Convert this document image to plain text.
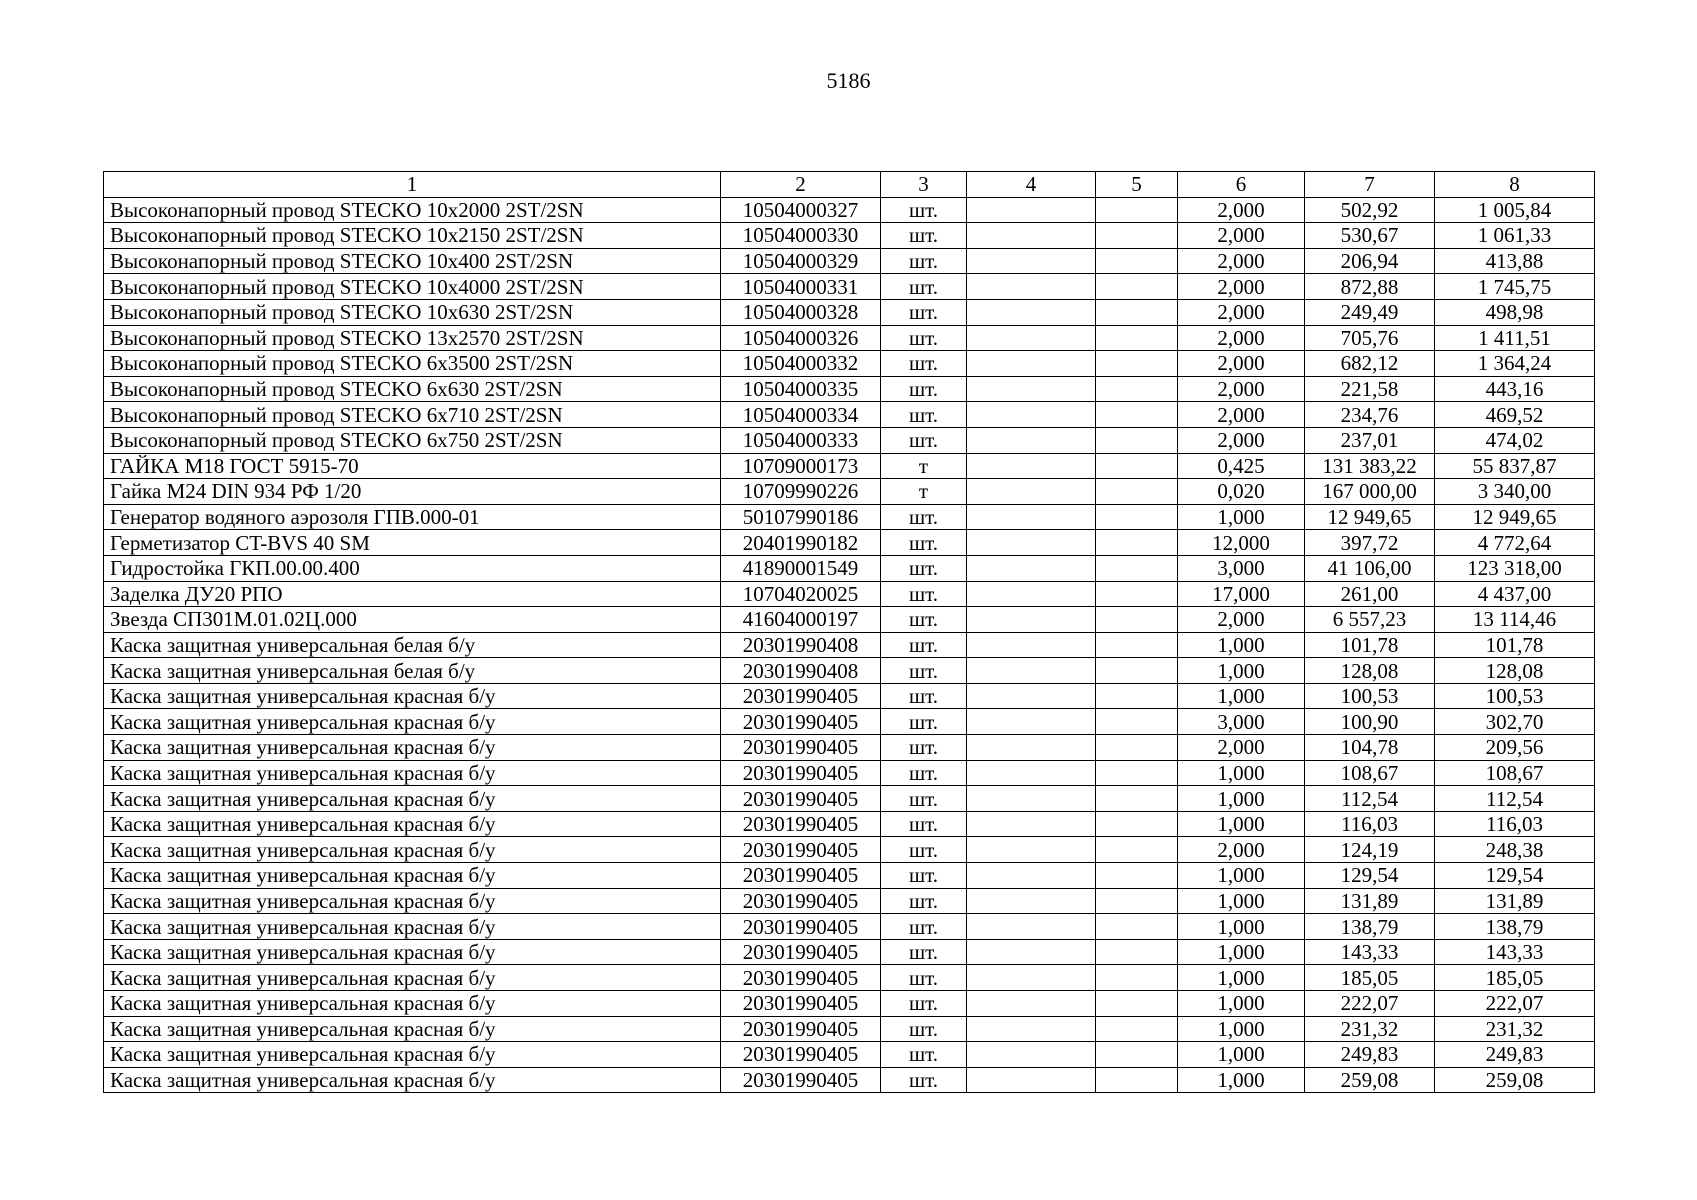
5186
1	2	3	4	5	6	7	8
Высоконапорный провод STECKO 10x2000 2ST/2SN	10504000327	шт.			2,000	502,92	1 005,84
Высоконапорный провод STECKO 10x2150 2ST/2SN	10504000330	шт.			2,000	530,67	1 061,33
Высоконапорный провод STECKO 10x400 2ST/2SN	10504000329	шт.			2,000	206,94	413,88
Высоконапорный провод STECKO 10x4000 2ST/2SN	10504000331	шт.			2,000	872,88	1 745,75
Высоконапорный провод STECKO 10x630 2ST/2SN	10504000328	шт.			2,000	249,49	498,98
Высоконапорный провод STECKO 13x2570 2ST/2SN	10504000326	шт.			2,000	705,76	1 411,51
Высоконапорный провод STECKO 6x3500 2ST/2SN	10504000332	шт.			2,000	682,12	1 364,24
Высоконапорный провод STECKO 6x630 2ST/2SN	10504000335	шт.			2,000	221,58	443,16
Высоконапорный провод STECKO 6x710 2ST/2SN	10504000334	шт.			2,000	234,76	469,52
Высоконапорный провод STECKO 6x750 2ST/2SN	10504000333	шт.			2,000	237,01	474,02
ГАЙКА М18 ГОСТ 5915-70	10709000173	т			0,425	131 383,22	55 837,87
Гайка М24 DIN 934 РФ 1/20	10709990226	т			0,020	167 000,00	3 340,00
Генератор водяного аэрозоля ГПВ.000-01	50107990186	шт.			1,000	12 949,65	12 949,65
Герметизатор CT-BVS 40 SM	20401990182	шт.			12,000	397,72	4 772,64
Гидростойка ГКП.00.00.400	41890001549	шт.			3,000	41 106,00	123 318,00
Заделка ДУ20 РПО	10704020025	шт.			17,000	261,00	4 437,00
Звезда СП301М.01.02Ц.000	41604000197	шт.			2,000	6 557,23	13 114,46
Каска защитная универсальная белая б/у	20301990408	шт.			1,000	101,78	101,78
Каска защитная универсальная белая б/у	20301990408	шт.			1,000	128,08	128,08
Каска защитная универсальная красная б/у	20301990405	шт.			1,000	100,53	100,53
Каска защитная универсальная красная б/у	20301990405	шт.			3,000	100,90	302,70
Каска защитная универсальная красная б/у	20301990405	шт.			2,000	104,78	209,56
Каска защитная универсальная красная б/у	20301990405	шт.			1,000	108,67	108,67
Каска защитная универсальная красная б/у	20301990405	шт.			1,000	112,54	112,54
Каска защитная универсальная красная б/у	20301990405	шт.			1,000	116,03	116,03
Каска защитная универсальная красная б/у	20301990405	шт.			2,000	124,19	248,38
Каска защитная универсальная красная б/у	20301990405	шт.			1,000	129,54	129,54
Каска защитная универсальная красная б/у	20301990405	шт.			1,000	131,89	131,89
Каска защитная универсальная красная б/у	20301990405	шт.			1,000	138,79	138,79
Каска защитная универсальная красная б/у	20301990405	шт.			1,000	143,33	143,33
Каска защитная универсальная красная б/у	20301990405	шт.			1,000	185,05	185,05
Каска защитная универсальная красная б/у	20301990405	шт.			1,000	222,07	222,07
Каска защитная универсальная красная б/у	20301990405	шт.			1,000	231,32	231,32
Каска защитная универсальная красная б/у	20301990405	шт.			1,000	249,83	249,83
Каска защитная универсальная красная б/у	20301990405	шт.			1,000	259,08	259,08
